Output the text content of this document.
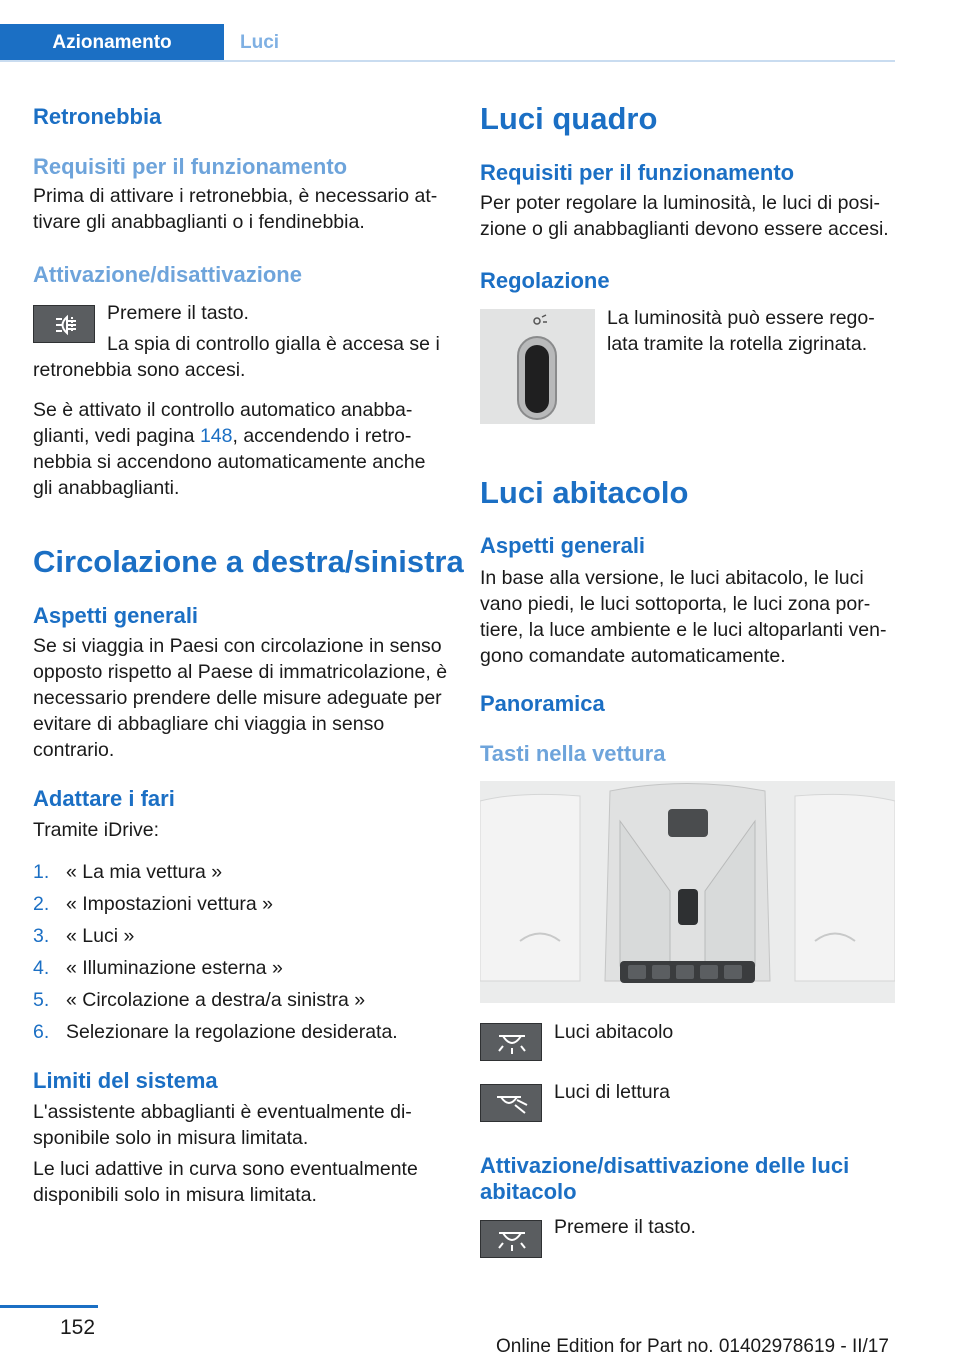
Azionamento	Luci
Retronebbia
Requisiti per il funzionamento

Prima di attivare i retronebbia, è necessario at-tivare gli anabbaglianti o i fendinebbia.

Attivazione/disattivazione

Premere il tasto.

La spia di controllo gialla è accesa se i retronebbia sono accesi.

Se è attivato il controllo automatico anabba-glianti, vedi pagina 148, accendendo i retro-nebbia si accendono automaticamente anche gli anabbaglianti.

Circolazione a destra/sinistra
Aspetti generali

Se si viaggia in Paesi con circolazione in senso opposto rispetto al Paese di immatricolazione, è necessario prendere delle misure adeguate per evitare di abbagliare chi viaggia in senso contrario.

Adattare i fari

Tramite iDrive:

1. « La mia vettura »
2. « Impostazioni vettura »
3. « Luci »
4. « Illuminazione esterna »
5. « Circolazione a destra/a sinistra »
6. Selezionare la regolazione desiderata.
Limiti del sistema

L'assistente abbaglianti è eventualmente di-sponibile solo in misura limitata.

Le luci adattive in curva sono eventualmente disponibili solo in misura limitata.

Luci quadro
Requisiti per il funzionamento

Per poter regolare la luminosità, le luci di posi-zione o gli anabbaglianti devono essere accesi.

Regolazione

La luminosità può essere rego-lata tramite la rotella zigrinata.

Luci abitacolo
Aspetti generali

In base alla versione, le luci abitacolo, le luci vano piedi, le luci sottoporta, le luci zona por-tiere, la luce ambiente e le luci altoparlanti ven-gono comandate automaticamente.

Panoramica
Tasti nella vettura

Luci abitacolo

Luci di lettura

Attivazione/disattivazione delle luci abitacolo

Premere il tasto.

152
Online Edition for Part no. 01402978619 - II/17
